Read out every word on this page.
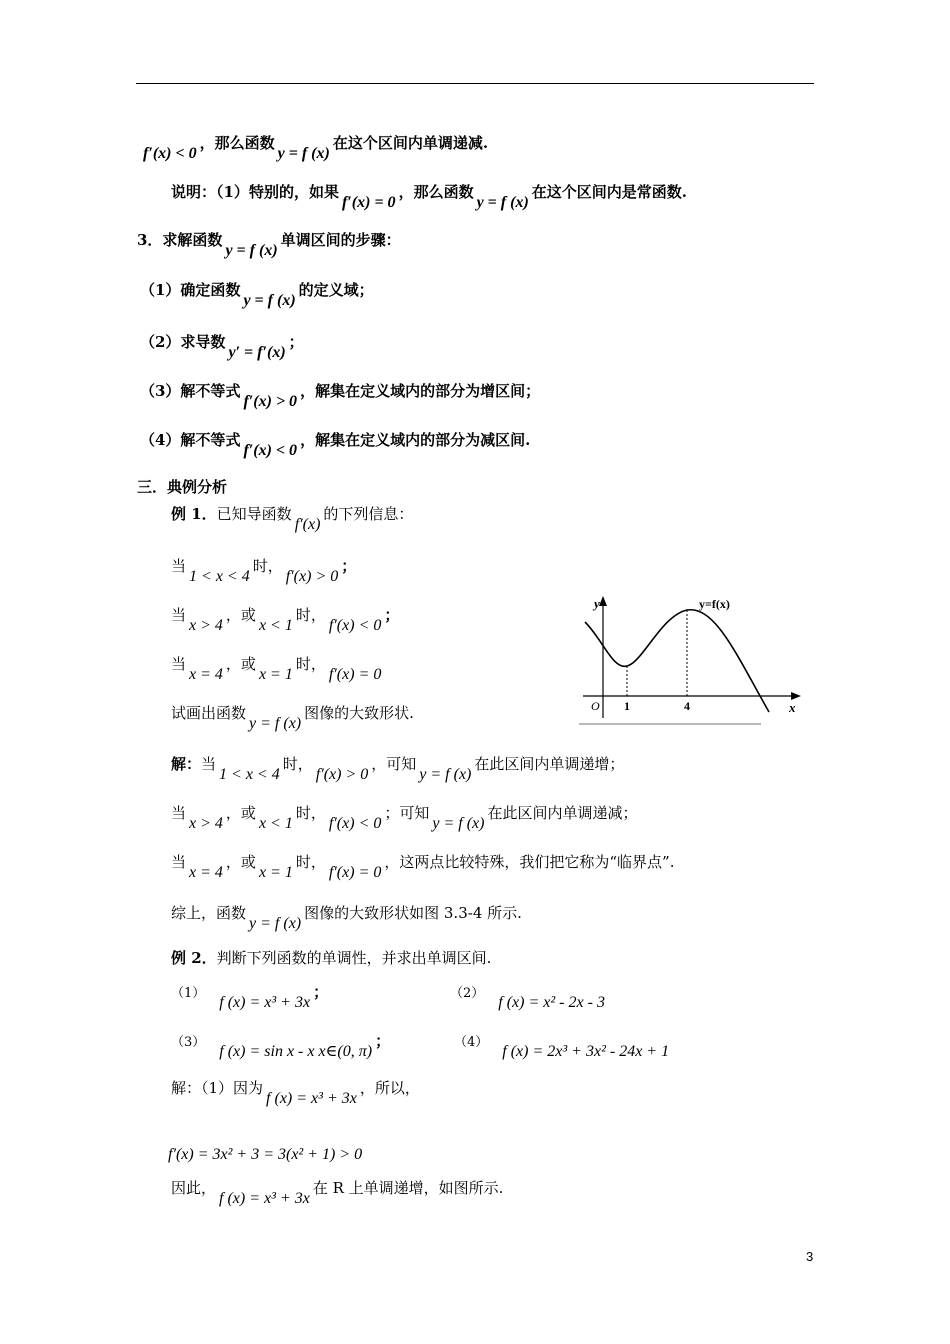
f′(x) < 0，那么函数y = f (x)在这个区间内单调递减.
说明：（1）特别的，如果f′(x) = 0，那么函数y = f (x)在这个区间内是常函数.
3．求解函数y = f (x)单调区间的步骤：
（1）确定函数y = f (x)的定义域；
（2）求导数y′ = f′(x)；
（3）解不等式f′(x) > 0，解集在定义域内的部分为增区间；
（4）解不等式f′(x) < 0，解集在定义域内的部分为减区间.
三．典例分析
例 1．已知导函数f′(x)的下列信息：
当1 < x < 4时，f′(x) > 0；
当x > 4，或x < 1时，f′(x) < 0；
当x = 4，或x = 1时，f′(x) = 0
试画出函数y = f (x)图像的大致形状.
y
x
O 1	4
y=f(x)
解：当1 < x < 4时，f′(x) > 0，可知y = f (x)在此区间内单调递增；
当x > 4，或x < 1时，f′(x) < 0；可知y = f (x)在此区间内单调递减；
当x = 4，或x = 1时，f′(x) = 0，这两点比较特殊，我们把它称为“临界点”.
综上，函数y = f (x)图像的大致形状如图 3.3-4 所示.
例 2．判断下列函数的单调性，并求出单调区间.
（1）f (x) = x³ + 3x；	（2）f (x) = x² - 2x - 3
（3）f (x) = sin x - x x∈(0, π)；	（4）f (x) = 2x³ + 3x² - 24x + 1
解：（1）因为f (x) = x³ + 3x，所以，
f′(x) = 3x² + 3 = 3(x² + 1) > 0
因此，f (x) = x³ + 3x在 R 上单调递增，如图所示.
3
